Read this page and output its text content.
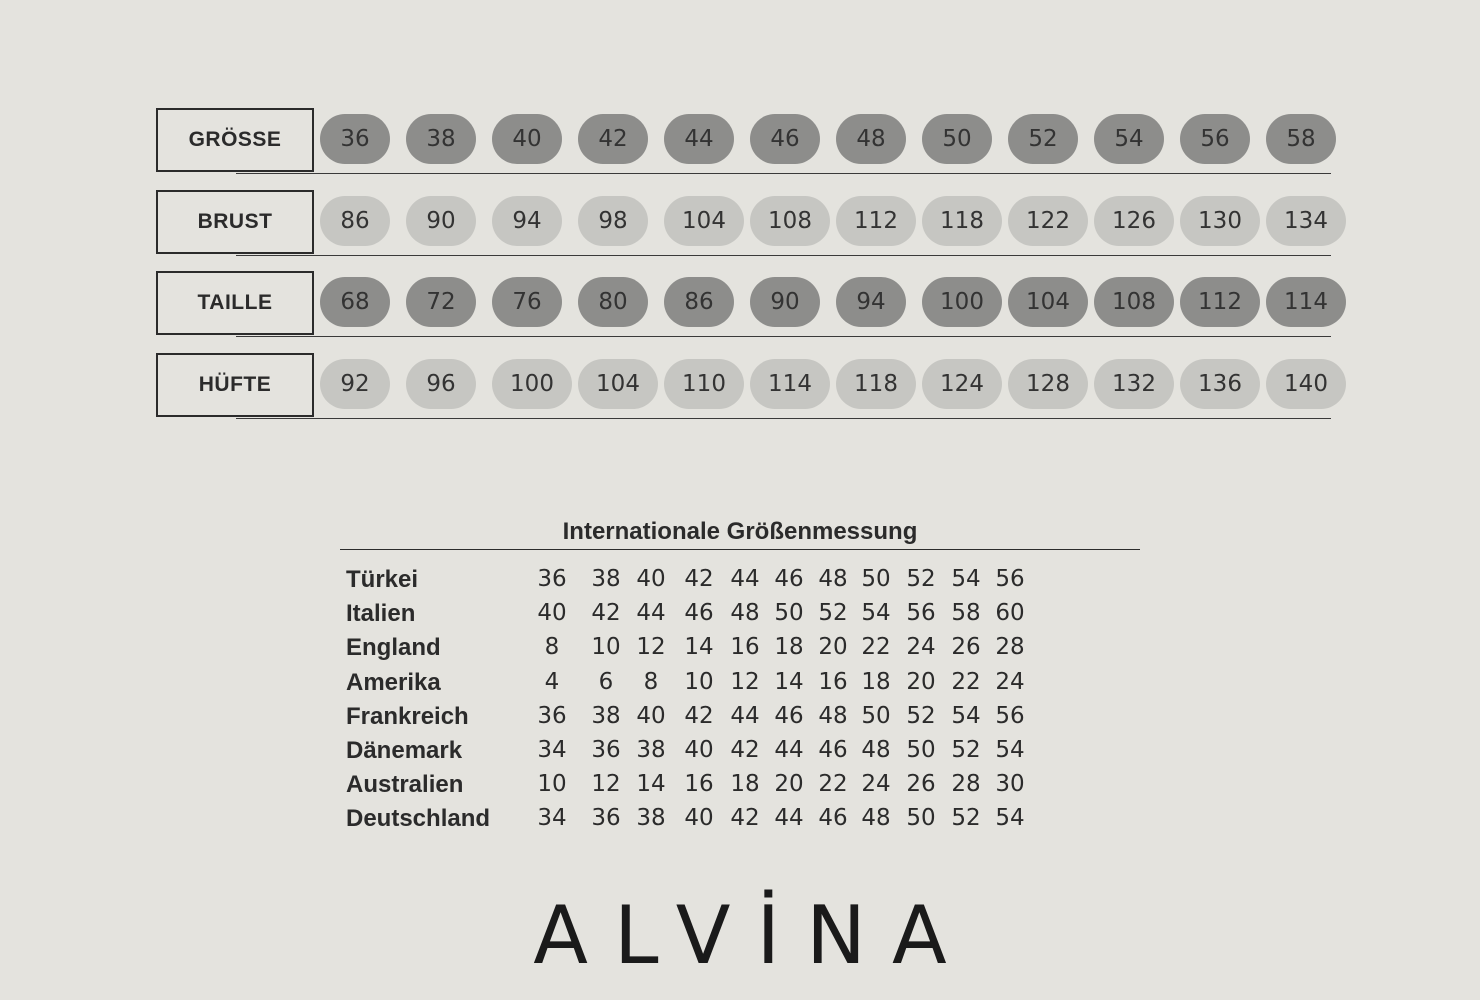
GRÖSSE	36	38	40	42	44	46	48	50	52	54	56	58
BRUST	86	90	94	98	104	108	112	118	122	126	130	134
TAILLE	68	72	76	80	86	90	94	100	104	108	112	114
HÜFTE	92	96	100	104	110	114	118	124	128	132	136	140
Internationale Größenmessung
Türkei	36	38 40 42 44 46 48 50 52 54 56
Italien	40	42 44 46 48 50 52 54 56 58 60
England	8	10 12 14 16 18 20 22 24 26 28
Amerika	4	6	8	10 12 14 16 18 20 22 24
Frankreich	36	38 40 42 44 46 48 50 52 54 56
Dänemark	34	36 38 40 42 44 46 48 50 52 54
Australien	10	12 14 16 18 20 22 24 26 28 30
Deutschland	34	36 38 40 42 44 46 48 50 52 54
ALVİNA
